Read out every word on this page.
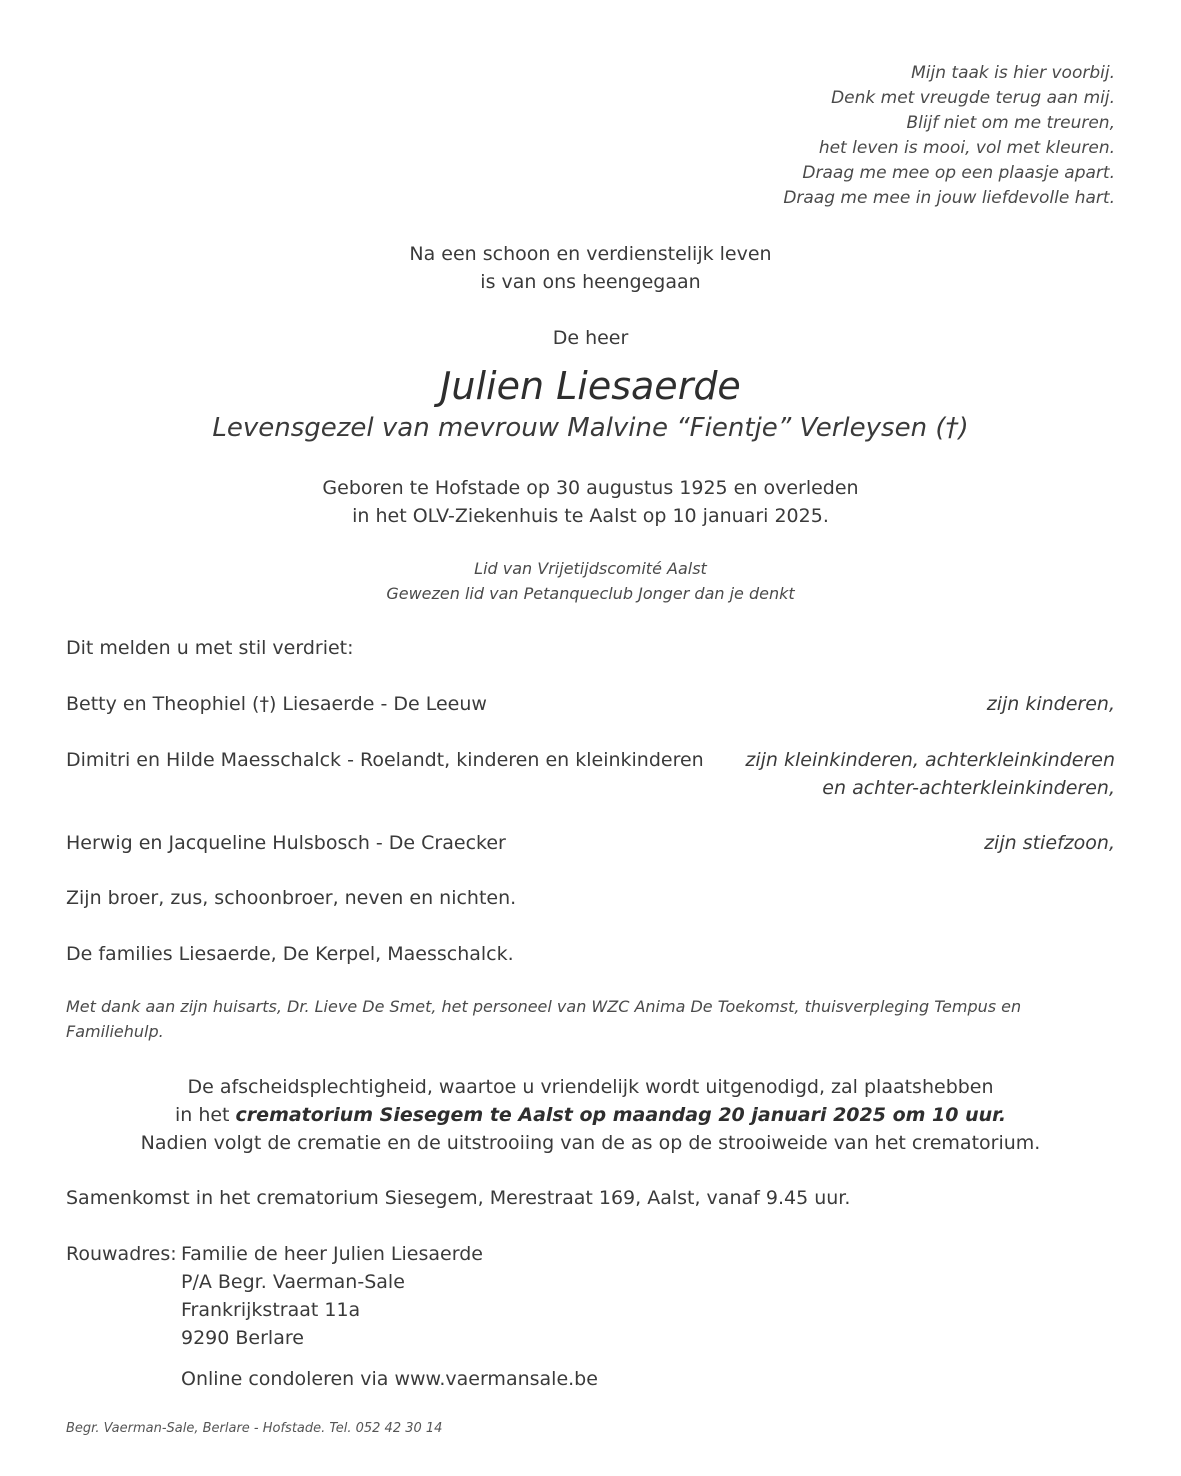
Mijn taak is hier voorbij.
Denk met vreugde terug aan mij.
Blijf niet om me treuren,
het leven is mooi, vol met kleuren.
Draag me mee op een plaasje apart.
Draag me mee in jouw liefdevolle hart.
Na een schoon en verdienstelijk leven
is van ons heengegaan
De heer
Julien Liesaerde
Levensgezel van mevrouw Malvine “Fientje” Verleysen (†)
Geboren te Hofstade op 30 augustus 1925 en overleden
in het OLV-Ziekenhuis te Aalst op 10 januari 2025.
Lid van Vrijetijdscomité Aalst
Gewezen lid van Petanqueclub Jonger dan je denkt
Dit melden u met stil verdriet:
Betty en Theophiel (†) Liesaerde - De Leeuw	zijn kinderen,
Dimitri en Hilde Maesschalck - Roelandt, kinderen en kleinkinderen zijn kleinkinderen, achterkleinkinderen
en achter-achterkleinkinderen,
Herwig en Jacqueline Hulsbosch - De Craecker	zijn stiefzoon,
Zijn broer, zus, schoonbroer, neven en nichten.
De families Liesaerde, De Kerpel, Maesschalck.
Met dank aan zijn huisarts, Dr. Lieve De Smet, het personeel van WZC Anima De Toekomst, thuisverpleging Tempus en Familiehulp.
De afscheidsplechtigheid, waartoe u vriendelijk wordt uitgenodigd, zal plaatshebben
in het crematorium Siesegem te Aalst op maandag 20 januari 2025 om 10 uur.
Nadien volgt de crematie en de uitstrooiing van de as op de strooiweide van het crematorium.
Samenkomst in het crematorium Siesegem, Merestraat 169, Aalst, vanaf 9.45 uur.
Rouwadres: Familie de heer Julien Liesaerde
P/A Begr. Vaerman-Sale
Frankrijkstraat 11a
9290 Berlare
Online condoleren via www.vaermansale.be
Begr. Vaerman-Sale, Berlare - Hofstade. Tel. 052 42 30 14
